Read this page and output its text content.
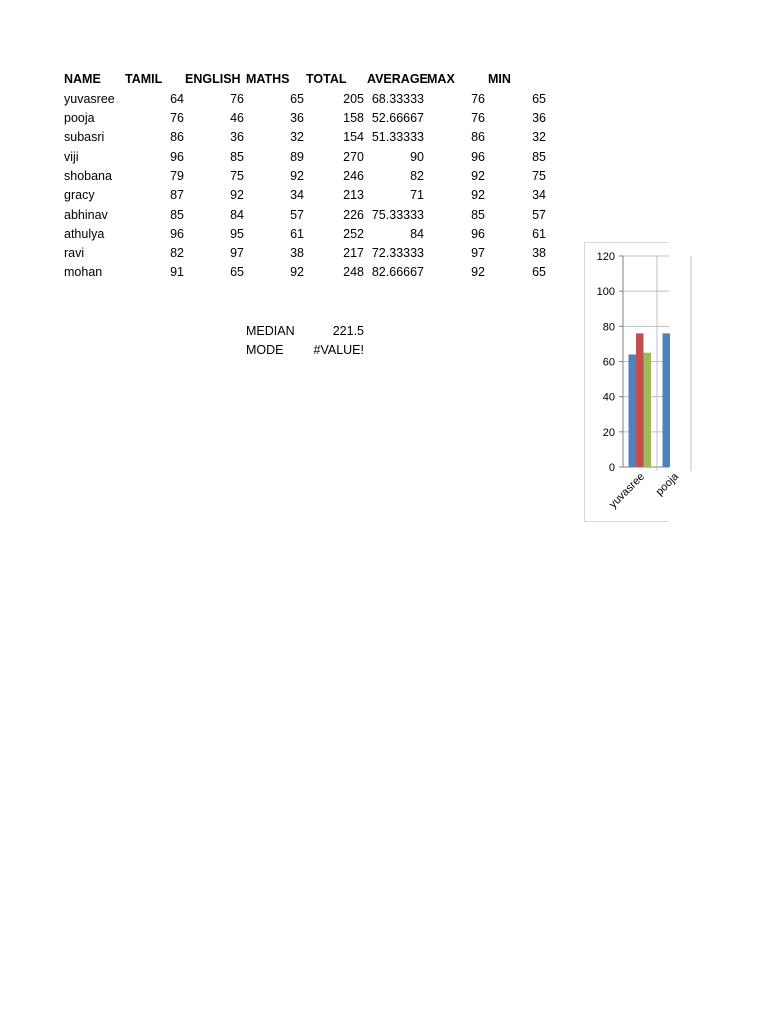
NAME TAMIL ENGLISH MATHS TOTAL AVERAGE MAX	MIN
yuvasree	64	76	65	205 68.33333	76	65
pooja	76	46	36	158 52.66667	76	36
subasri	86	36	32	154 51.33333	86	32
viji	96	85	89	270	90	96	85
shobana	79	75	92	246	82	92	75
gracy	87	92	34	213	71	92	34
abhinav	85	84	57	226 75.33333	85	57
athulya	96	95	61	252	84	96	61
ravi	82	97	38	217 72.33333	97	38
mohan	91	65	92	248 82.66667	92	65
MEDIAN	221.5
MODE	#VALUE!
0
20
40
60
80
100
120
yuvasree pooja
